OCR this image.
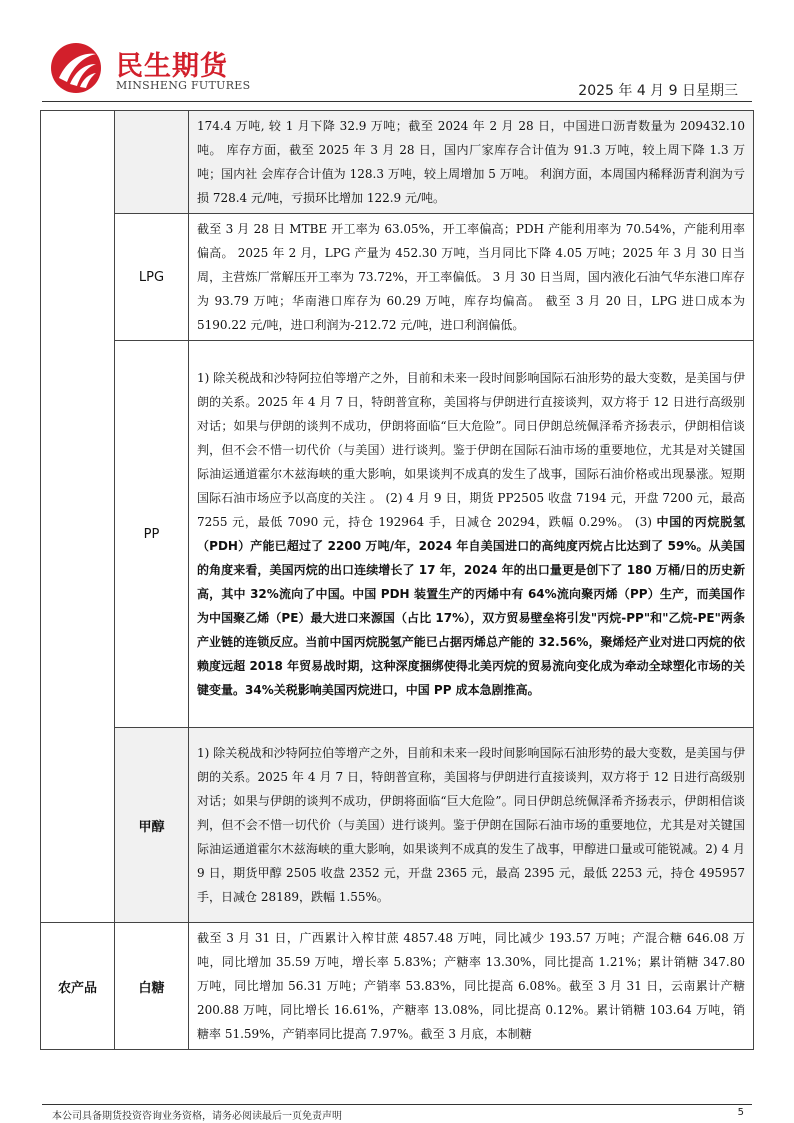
民生期货
MINSHENG FUTURES	2025 年 4 月 9 日星期三

		174.4 万吨, 较 1 月下降 32.9 万吨；截至 2024 年 2 月 28 日，中国进口沥青数量为 209432.10 吨。 库存方面，截至 2025 年 3 月 28 日，国内厂家库存合计值为 91.3 万吨，较上周下降 1.3 万吨；国内社 会库存合计值为 128.3 万吨，较上周增加 5 万吨。 利润方面，本周国内稀释沥青利润为亏损 728.4 元/吨，亏损环比增加 122.9 元/吨。

	LPG	截至 3 月 28 日 MTBE 开工率为 63.05%，开工率偏高；PDH 产能利用率为 70.54%，产能利用率偏高。 2025 年 2 月，LPG 产量为 452.30 万吨，当月同比下降 4.05 万吨；2025 年 3 月 30 日当周，主营炼厂常解压开工率为 73.72%，开工率偏低。 3 月 30 日当周，国内液化石油气华东港口库存为 93.79 万吨；华南港口库存为 60.29 万吨，库存均偏高。 截至 3 月 20 日，LPG 进口成本为 5190.22 元/吨，进口利润为-212.72 元/吨，进口利润偏低。

	PP	1) 除关税战和沙特阿拉伯等增产之外，目前和未来一段时间影响国际石油形势的最大变数，是美国与伊朗的关系。2025 年 4 月 7 日，特朗普宣称，美国将与伊朗进行直接谈判，双方将于 12 日进行高级别对话；如果与伊朗的谈判不成功，伊朗将面临“巨大危险”。同日伊朗总统佩泽希齐扬表示，伊朗相信谈判，但不会不惜一切代价（与美国）进行谈判。鉴于伊朗在国际石油市场的重要地位，尤其是对关键国际油运通道霍尔木兹海峡的重大影响，如果谈判不成真的发生了战事，国际石油价格或出现暴涨。短期国际石油市场应予以高度的关注 。 (2) 4 月 9 日，期货 PP2505 收盘 7194 元，开盘 7200 元，最高 7255 元，最低 7090 元，持仓 192964 手，日减仓 20294，跌幅 0.29%。 (3) 中国的丙烷脱氢（PDH）产能已超过了 2200 万吨/年，2024 年自美国进口的高纯度丙烷占比达到了 59%。从美国的角度来看，美国丙烷的出口连续增长了 17 年，2024 年的出口量更是创下了 180 万桶/日的历史新高，其中 32%流向了中国。中国 PDH 装置生产的丙烯中有 64%流向聚丙烯（PP）生产，而美国作为中国聚乙烯（PE）最大进口来源国（占比 17%），双方贸易壁垒将引发"丙烷-PP"和"乙烷-PE"两条产业链的连锁反应。当前中国丙烷脱氢产能已占据丙烯总产能的 32.56%，聚烯烃产业对进口丙烷的依赖度远超 2018 年贸易战时期，这种深度捆绑使得北美丙烷的贸易流向变化成为牵动全球塑化市场的关键变量。34%关税影响美国丙烷进口，中国 PP 成本急剧推高。

	甲醇	1) 除关税战和沙特阿拉伯等增产之外，目前和未来一段时间影响国际石油形势的最大变数，是美国与伊朗的关系。2025 年 4 月 7 日，特朗普宣称，美国将与伊朗进行直接谈判，双方将于 12 日进行高级别对话；如果与伊朗的谈判不成功，伊朗将面临“巨大危险”。同日伊朗总统佩泽希齐扬表示，伊朗相信谈判，但不会不惜一切代价（与美国）进行谈判。鉴于伊朗在国际石油市场的重要地位，尤其是对关键国际油运通道霍尔木兹海峡的重大影响，如果谈判不成真的发生了战事，甲醇进口量或可能锐减。2) 4 月 9 日，期货甲醇 2505 收盘 2352 元，开盘 2365 元，最高 2395 元，最低 2253 元，持仓 495957 手，日减仓 28189，跌幅 1.55%。

农产品	白糖	截至 3 月 31 日，广西累计入榨甘蔗 4857.48 万吨，同比减少 193.57 万吨；产混合糖 646.08 万吨，同比增加 35.59 万吨，增长率 5.83%；产糖率 13.30%，同比提高 1.21%；累计销糖 347.80 万吨，同比增加 56.31 万吨；产销率 53.83%，同比提高 6.08%。截至 3 月 31 日，云南累计产糖 200.88 万吨，同比增长 16.61%，产糖率 13.08%，同比提高 0.12%。累计销糖 103.64 万吨，销糖率 51.59%，产销率同比提高 7.97%。截至 3 月底，本制糖
本公司具备期货投资咨询业务资格，请务必阅读最后一页免责声明	5
